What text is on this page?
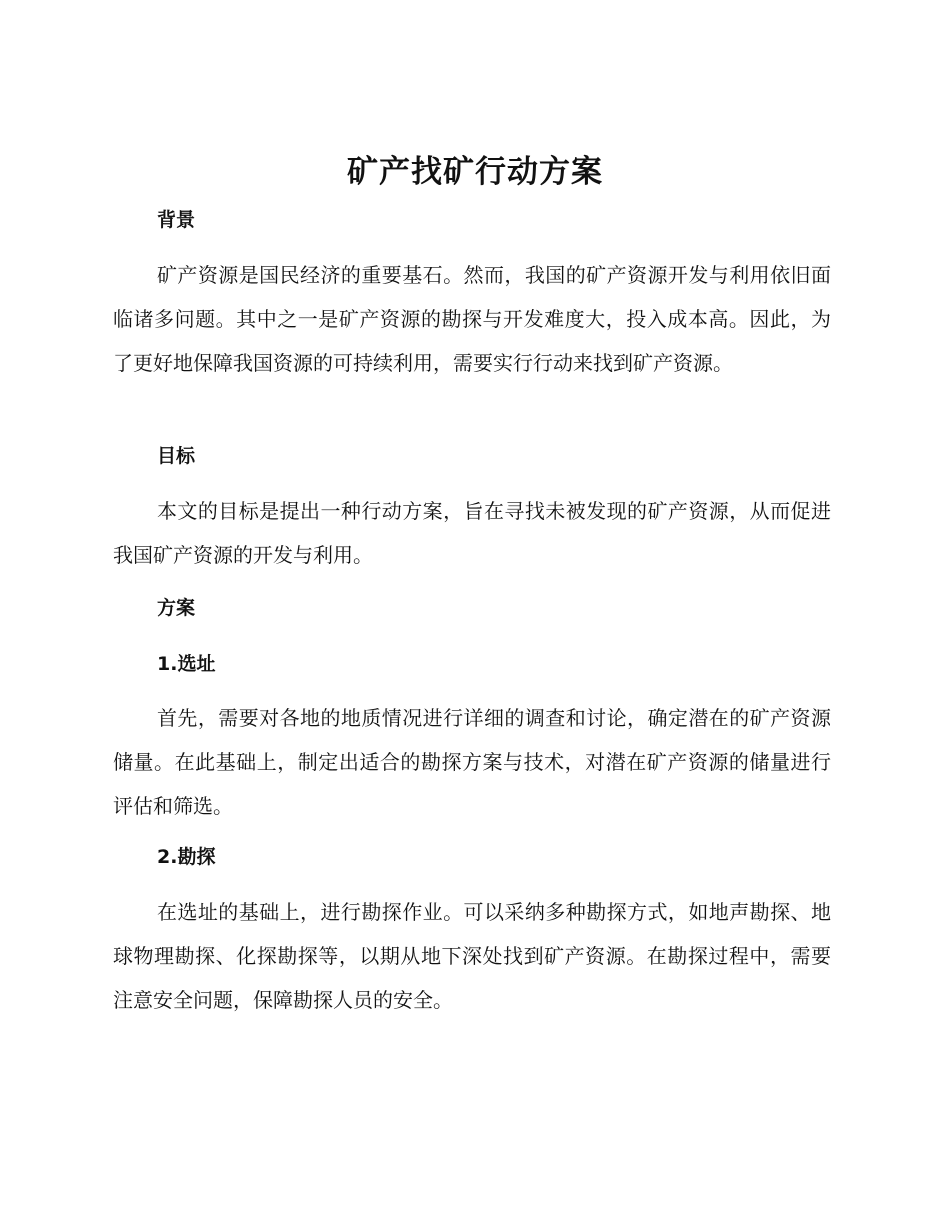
矿产找矿行动方案
背景

矿产资源是国民经济的重要基石。然而，我国的矿产资源开发与利用依旧面临诸多问题。其中之一是矿产资源的勘探与开发难度大，投入成本高。因此，为了更好地保障我国资源的可持续利用，需要实行行动来找到矿产资源。

目标

本文的目标是提出一种行动方案，旨在寻找未被发现的矿产资源，从而促进我国矿产资源的开发与利用。

方案
1.选址

首先，需要对各地的地质情况进行详细的调查和讨论，确定潜在的矿产资源储量。在此基础上，制定出适合的勘探方案与技术，对潜在矿产资源的储量进行评估和筛选。

2.勘探

在选址的基础上，进行勘探作业。可以采纳多种勘探方式，如地声勘探、地球物理勘探、化探勘探等，以期从地下深处找到矿产资源。在勘探过程中，需要注意安全问题，保障勘探人员的安全。
